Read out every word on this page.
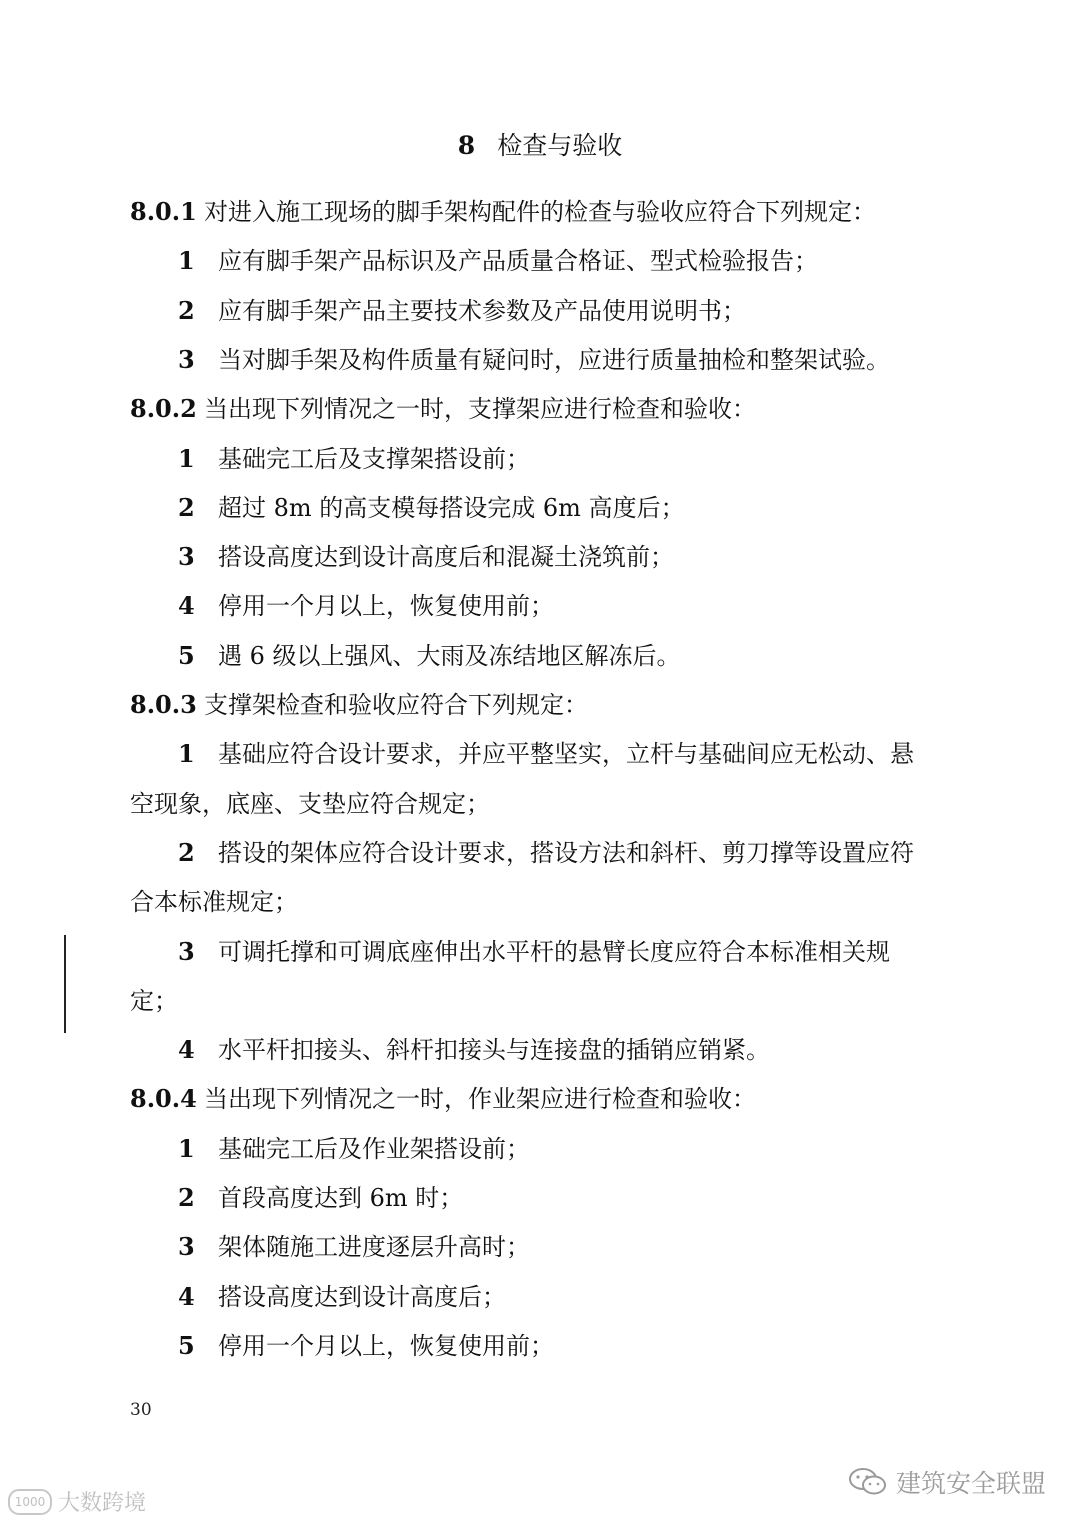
8 检查与验收
8.0.1 对进入施工现场的脚手架构配件的检查与验收应符合下列规定：
1 应有脚手架产品标识及产品质量合格证、型式检验报告；
2 应有脚手架产品主要技术参数及产品使用说明书；
3 当对脚手架及构件质量有疑问时，应进行质量抽检和整架试验。
8.0.2 当出现下列情况之一时，支撑架应进行检查和验收：
1 基础完工后及支撑架搭设前；
2 超过 8m 的高支模每搭设完成 6m 高度后；
3 搭设高度达到设计高度后和混凝土浇筑前；
4 停用一个月以上，恢复使用前；
5 遇 6 级以上强风、大雨及冻结地区解冻后。
8.0.3 支撑架检查和验收应符合下列规定：
1 基础应符合设计要求，并应平整坚实，立杆与基础间应无松动、悬
空现象，底座、支垫应符合规定；
2 搭设的架体应符合设计要求，搭设方法和斜杆、剪刀撑等设置应符
合本标准规定；
3 可调托撑和可调底座伸出水平杆的悬臂长度应符合本标准相关规
定；
4 水平杆扣接头、斜杆扣接头与连接盘的插销应销紧。
8.0.4 当出现下列情况之一时，作业架应进行检查和验收：
1 基础完工后及作业架搭设前；
2 首段高度达到 6m 时；
3 架体随施工进度逐层升高时；
4 搭设高度达到设计高度后；
5 停用一个月以上，恢复使用前；
30
1000 大数跨境
建筑安全联盟
